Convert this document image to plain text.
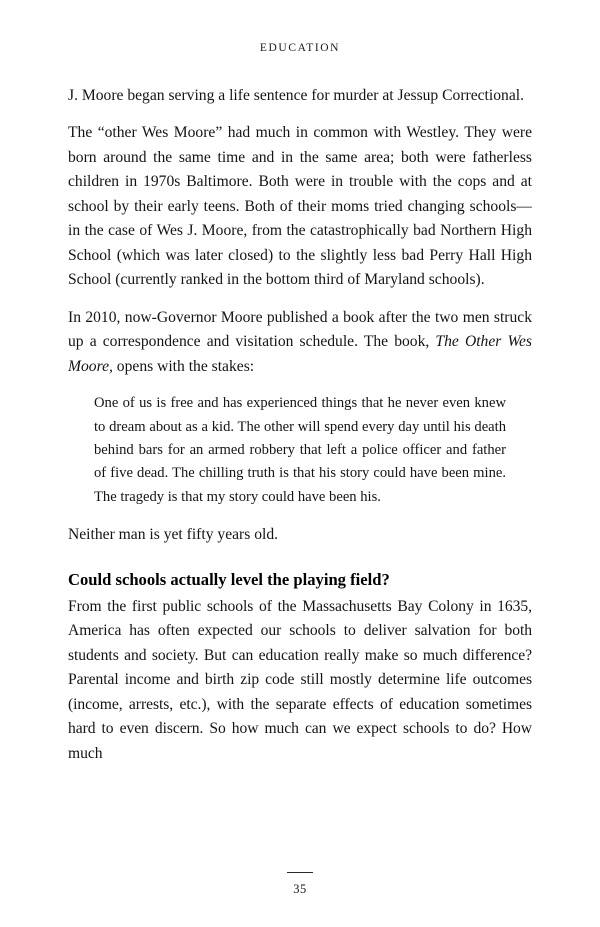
EDUCATION

J. Moore began serving a life sentence for murder at Jessup Correctional.

The “other Wes Moore” had much in common with Westley. They were born around the same time and in the same area; both were fatherless children in 1970s Baltimore. Both were in trouble with the cops and at school by their early teens. Both of their moms tried changing schools—in the case of Wes J. Moore, from the catastrophically bad Northern High School (which was later closed) to the slightly less bad Perry Hall High School (currently ranked in the bottom third of Maryland schools).

In 2010, now-Governor Moore published a book after the two men struck up a correspondence and visitation schedule. The book, The Other Wes Moore, opens with the stakes:

One of us is free and has experienced things that he never even knew to dream about as a kid. The other will spend every day until his death behind bars for an armed robbery that left a police officer and father of five dead. The chilling truth is that his story could have been mine. The tragedy is that my story could have been his.

Neither man is yet fifty years old.

Could schools actually level the playing field?

From the first public schools of the Massachusetts Bay Colony in 1635, America has often expected our schools to deliver salvation for both students and society. But can education really make so much difference? Parental income and birth zip code still mostly determine life outcomes (income, arrests, etc.), with the separate effects of education sometimes hard to even discern. So how much can we expect schools to do? How much

35
